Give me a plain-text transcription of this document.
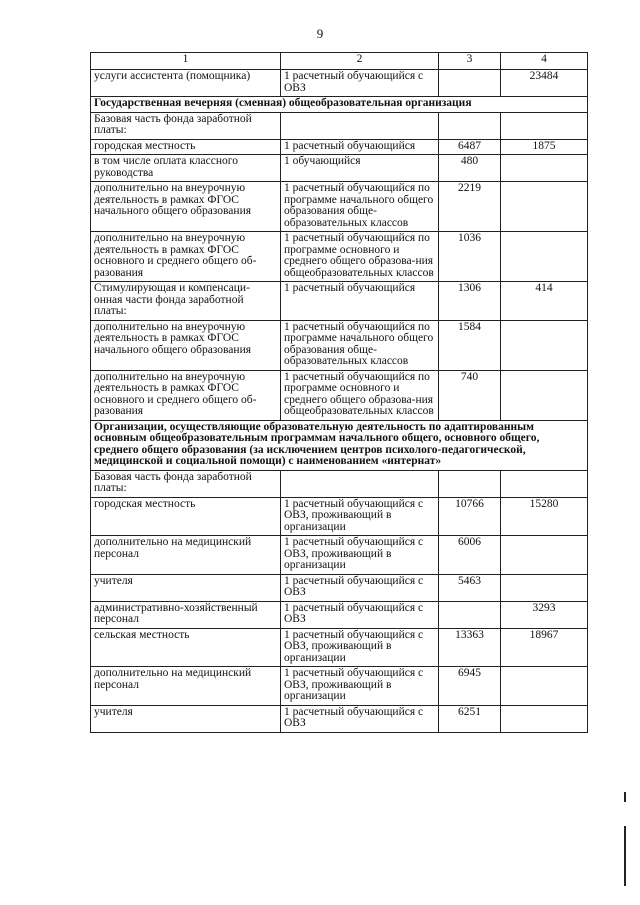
9
1	2	3	4
услуги ассистента (помощника)	1 расчетный обучающийся с ОВЗ		23484
Государственная вечерняя (сменная) общеобразовательная организация			
Базовая часть фонда заработной платы:			
городская местность	1 расчетный обучающийся	6487	1875
в том числе оплата классного руководства	1 обучающийся	480	
дополнительно на внеурочную деятельность в рамках ФГОС начального общего образования	1 расчетный обучающийся по программе начального общего образования обще-образовательных классов	2219	
дополнительно на внеурочную деятельность в рамках ФГОС основного и среднего общего об-разования	1 расчетный обучающийся по программе основного и среднего общего образова-ния общеобразовательных классов	1036	
Стимулирующая и компенсаци-онная части фонда заработной платы:	1 расчетный обучающийся	1306	414
дополнительно на внеурочную деятельность в рамках ФГОС начального общего образования	1 расчетный обучающийся по программе начального общего образования обще-образовательных классов	1584	
дополнительно на внеурочную деятельность в рамках ФГОС основного и среднего общего об-разования	1 расчетный обучающийся по программе основного и среднего общего образова-ния общеобразовательных классов	740	
Организации, осуществляющие образовательную деятельность по адаптированным основным общеобразовательным программам начального общего, основного общего, среднего общего образования (за исключением центров психолого-педагогической, медицинской и социальной помощи) с наименованием «интернат»			
Базовая часть фонда заработной платы:			
городская местность	1 расчетный обучающийся с ОВЗ, проживающий в организации	10766	15280
дополнительно на медицинский персонал	1 расчетный обучающийся с ОВЗ, проживающий в организации	6006	
учителя	1 расчетный обучающийся с ОВЗ	5463	
административно-хозяйственный персонал	1 расчетный обучающийся с ОВЗ		3293
сельская местность	1 расчетный обучающийся с ОВЗ, проживающий в организации	13363	18967
дополнительно на медицинский персонал	1 расчетный обучающийся с ОВЗ, проживающий в организации	6945	
учителя	1 расчетный обучающийся с ОВЗ	6251	
